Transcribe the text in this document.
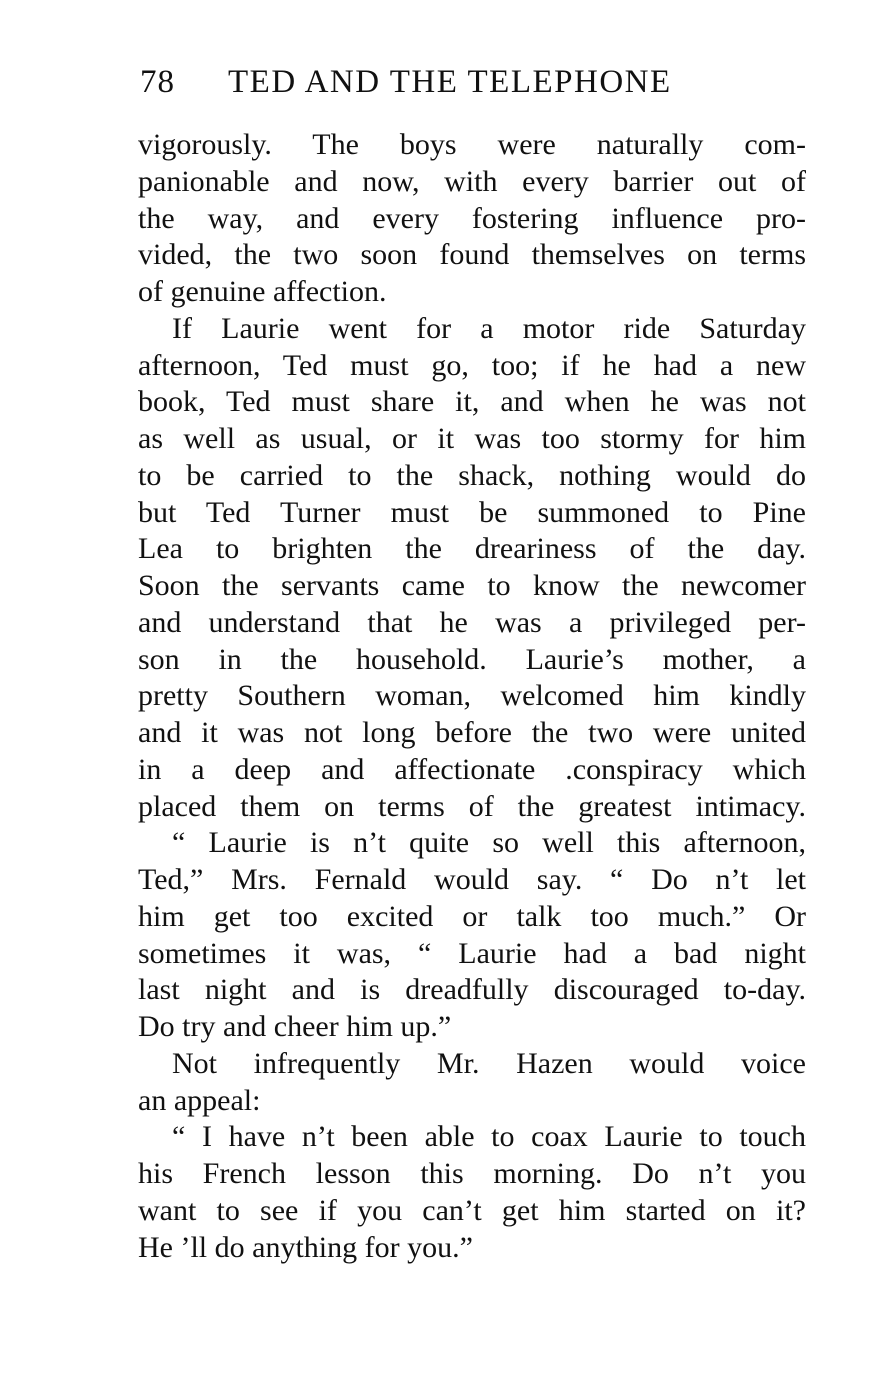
78 TED AND THE TELEPHONE
vigorously. The boys were naturally com-
panionable and now, with every barrier out of
the way, and every fostering influence pro-
vided, the two soon found themselves on terms
of genuine affection.
If Laurie went for a motor ride Saturday
afternoon, Ted must go, too; if he had a new
book, Ted must share it, and when he was not
as well as usual, or it was too stormy for him
to be carried to the shack, nothing would do
but Ted Turner must be summoned to Pine
Lea to brighten the dreariness of the day.
Soon the servants came to know the newcomer
and understand that he was a privileged per-
son in the household. Laurie’s mother, a
pretty Southern woman, welcomed him kindly
and it was not long before the two were united
in a deep and affectionate .conspiracy which
placed them on terms of the greatest intimacy.
“ Laurie is n’t quite so well this afternoon,
Ted,” Mrs. Fernald would say. “ Do n’t let
him get too excited or talk too much.” Or
sometimes it was, “ Laurie had a bad night
last night and is dreadfully discouraged to-day.
Do try and cheer him up.”
Not infrequently Mr. Hazen would voice
an appeal:
“ I have n’t been able to coax Laurie to touch
his French lesson this morning. Do n’t you
want to see if you can’t get him started on it?
He ’ll do anything for you.”
